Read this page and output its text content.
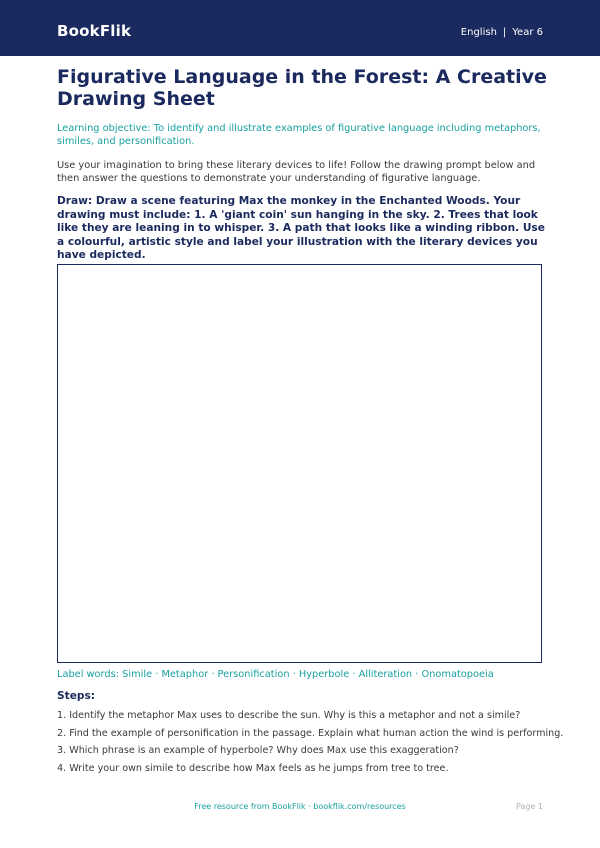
BookFlik	English | Year 6
Figurative Language in the Forest: A Creative Drawing Sheet

Learning objective: To identify and illustrate examples of figurative language including metaphors, similes, and personification.

Use your imagination to bring these literary devices to life! Follow the drawing prompt below and then answer the questions to demonstrate your understanding of figurative language.

Draw: Draw a scene featuring Max the monkey in the Enchanted Woods. Your drawing must include: 1. A 'giant coin' sun hanging in the sky. 2. Trees that look like they are leaning in to whisper. 3. A path that looks like a winding ribbon. Use a colourful, artistic style and label your illustration with the literary devices you have depicted.

Label words: Simile · Metaphor · Personification · Hyperbole · Alliteration · Onomatopoeia

Steps:
1. Identify the metaphor Max uses to describe the sun. Why is this a metaphor and not a simile?
2. Find the example of personification in the passage. Explain what human action the wind is performing.
3. Which phrase is an example of hyperbole? Why does Max use this exaggeration?
4. Write your own simile to describe how Max feels as he jumps from tree to tree.
Free resource from BookFlik · bookflik.com/resources	Page 1
